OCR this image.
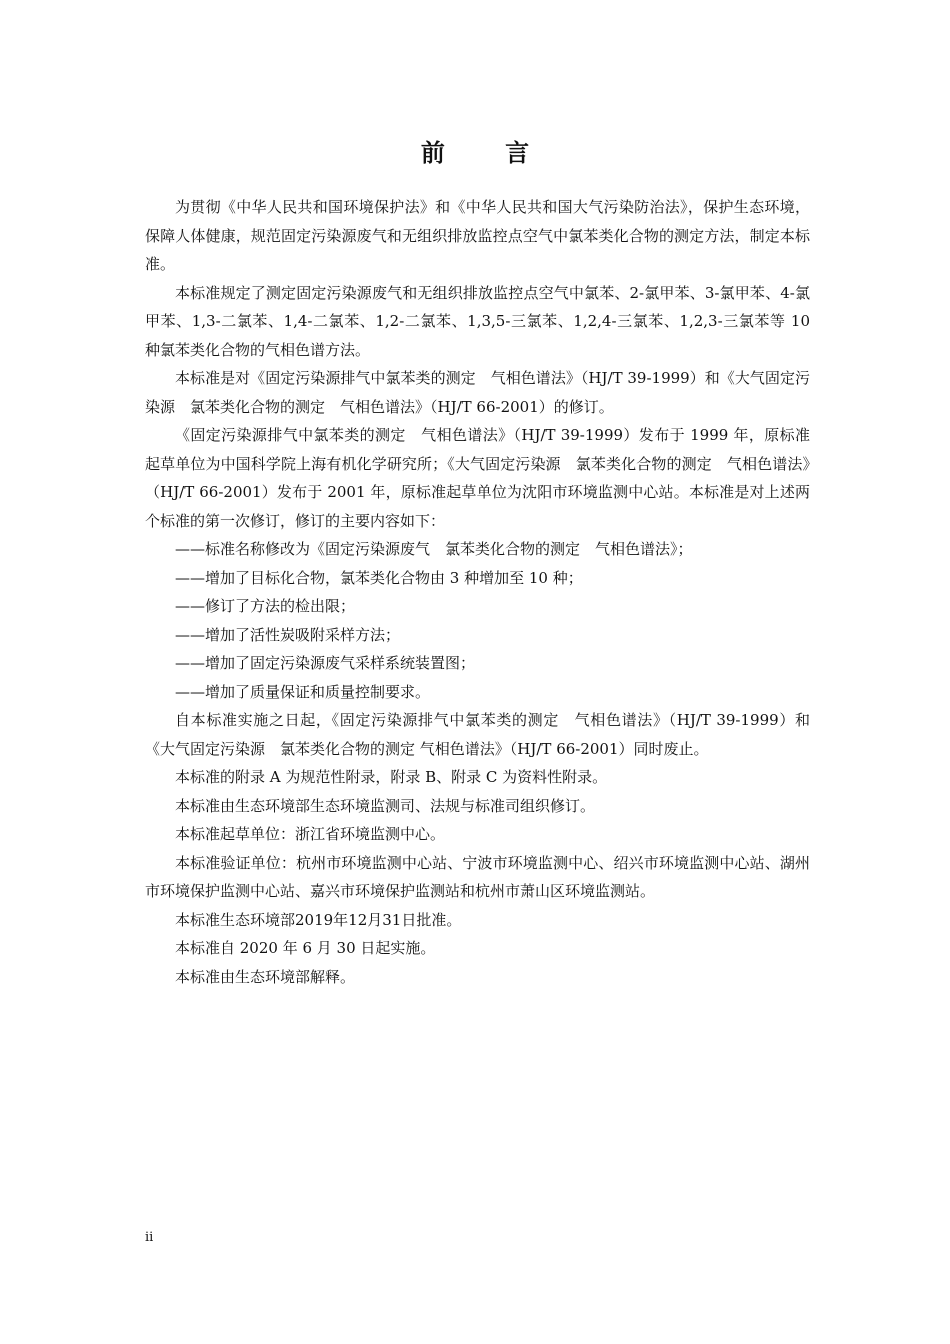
前 言

为贯彻《中华人民共和国环境保护法》和《中华人民共和国大气污染防治法》，保护生态环境，保障人体健康，规范固定污染源废气和无组织排放监控点空气中氯苯类化合物的测定方法，制定本标准。

本标准规定了测定固定污染源废气和无组织排放监控点空气中氯苯、2-氯甲苯、3-氯甲苯、4-氯甲苯、1,3-二氯苯、1,4-二氯苯、1,2-二氯苯、1,3,5-三氯苯、1,2,4-三氯苯、1,2,3-三氯苯等 10 种氯苯类化合物的气相色谱方法。

本标准是对《固定污染源排气中氯苯类的测定　气相色谱法》（HJ/T 39-1999）和《大气固定污染源　氯苯类化合物的测定　气相色谱法》（HJ/T 66-2001）的修订。

《固定污染源排气中氯苯类的测定　气相色谱法》（HJ/T 39-1999）发布于 1999 年，原标准起草单位为中国科学院上海有机化学研究所；《大气固定污染源　氯苯类化合物的测定　气相色谱法》（HJ/T 66-2001）发布于 2001 年，原标准起草单位为沈阳市环境监测中心站。本标准是对上述两个标准的第一次修订，修订的主要内容如下：

——标准名称修改为《固定污染源废气　氯苯类化合物的测定　气相色谱法》；

——增加了目标化合物，氯苯类化合物由 3 种增加至 10 种；

——修订了方法的检出限；

——增加了活性炭吸附采样方法；

——增加了固定污染源废气采样系统装置图；

——增加了质量保证和质量控制要求。

自本标准实施之日起，《固定污染源排气中氯苯类的测定　气相色谱法》（HJ/T 39-1999）和《大气固定污染源　氯苯类化合物的测定 气相色谱法》（HJ/T 66-2001）同时废止。

本标准的附录 A 为规范性附录，附录 B、附录 C 为资料性附录。

本标准由生态环境部生态环境监测司、法规与标准司组织修订。

本标准起草单位：浙江省环境监测中心。

本标准验证单位：杭州市环境监测中心站、宁波市环境监测中心、绍兴市环境监测中心站、湖州市环境保护监测中心站、嘉兴市环境保护监测站和杭州市萧山区环境监测站。

本标准生态环境部2019年12月31日批准。

本标准自 2020 年 6 月 30 日起实施。

本标准由生态环境部解释。

ii
